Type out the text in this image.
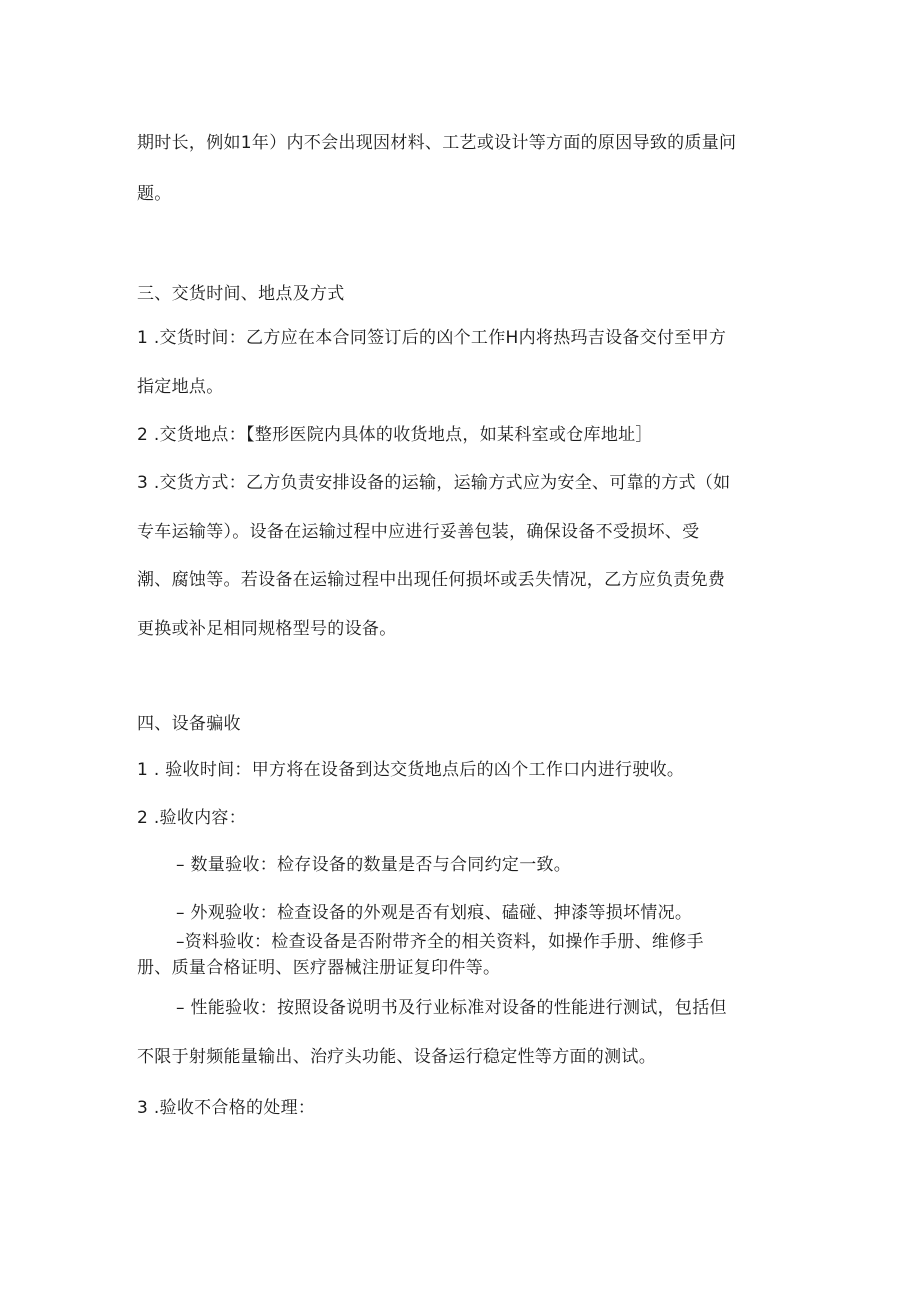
期时长，例如1年）内不会出现因材料、工艺或设计等方面的原因导致的质量问
题。
三、交货时间、地点及方式
1 .交货时间：乙方应在本合同签订后的凶个工作H内将热玛吉设备交付至甲方
指定地点。
2 .交货地点：【整形医院内具体的收货地点，如某科室或仓库地址］
3 .交货方式：乙方负责安排设备的运输，运输方式应为安全、可靠的方式（如
专车运输等）。设备在运输过程中应进行妥善包装，确保设备不受损坏、受
潮、腐蚀等。若设备在运输过程中出现任何损坏或丢失情况，乙方应负责免费
更换或补足相同规格型号的设备。
四、设备骗收
1 . 验收时间：甲方将在设备到达交货地点后的凶个工作口内进行驶收。
2 .验收内容：
– 数量验收：检存设备的数量是否与合同约定一致。
– 外观验收：检查设备的外观是否有划痕、磕碰、抻漆等损坏情况。
–资料验收：检查设备是否附带齐全的相关资料，如操作手册、维修手
册、质量合格证明、医疗器械注册证复印件等。
– 性能验收：按照设备说明书及行业标准对设备的性能进行测试，包括但
不限于射频能量输出、治疗头功能、设备运行稳定性等方面的测试。
3 .验收不合格的处理：
